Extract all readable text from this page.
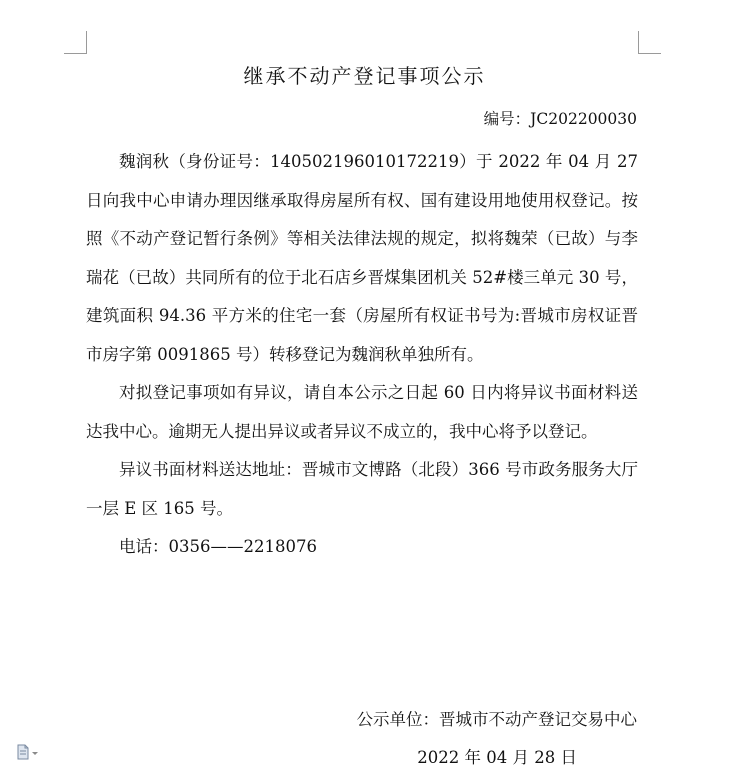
继承不动产登记事项公示
编号：JC202200030

魏润秋（身份证号：140502196010172219）于 2022 年 04 月 27 日向我中心申请办理因继承取得房屋所有权、国有建设用地使用权登记。按照《不动产登记暂行条例》等相关法律法规的规定，拟将魏荣（已故）与李瑞花（已故）共同所有的位于北石店乡晋煤集团机关 52#楼三单元 30 号，建筑面积 94.36 平方米的住宅一套（房屋所有权证书号为:晋城市房权证晋市房字第 0091865 号）转移登记为魏润秋单独所有。

对拟登记事项如有异议，请自本公示之日起 60 日内将异议书面材料送达我中心。逾期无人提出异议或者异议不成立的，我中心将予以登记。

异议书面材料送达地址：晋城市文博路（北段）366 号市政务服务大厅一层 E 区 165 号。

电话：0356——2218076

公示单位：晋城市不动产登记交易中心
2022 年 04 月 28 日
